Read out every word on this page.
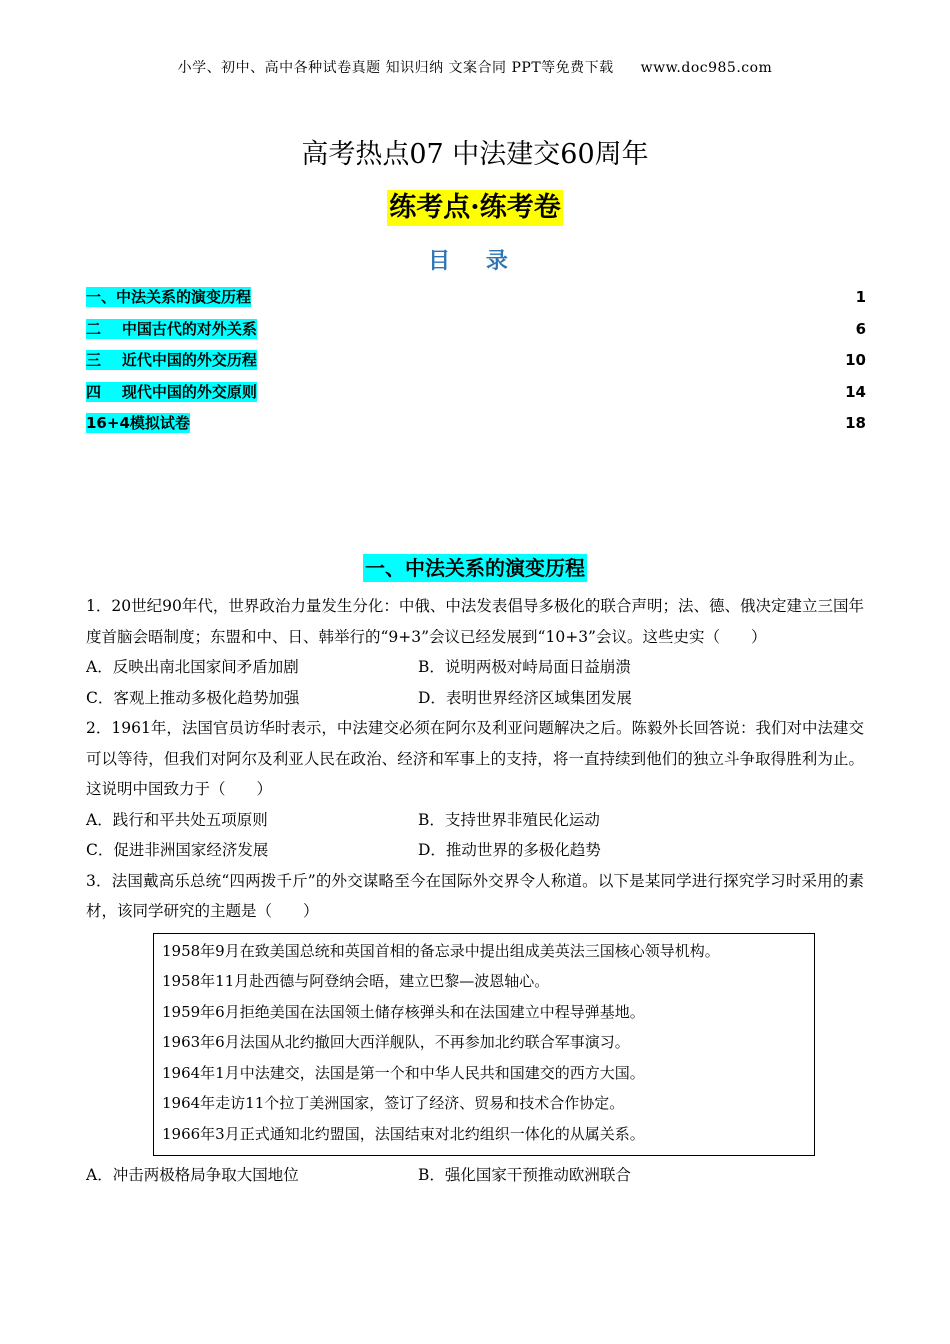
小学、初中、高中各种试卷真题 知识归纳 文案合同 PPT等免费下载 www.doc985.com
高考热点07 中法建交60周年
练考点·练考卷
目 录
一、中法关系的演变历程	1
二    中国古代的对外关系	6
三    近代中国的外交历程	10
四    现代中国的外交原则	14
16+4模拟试卷	18
一、中法关系的演变历程
1．20世纪90年代，世界政治力量发生分化：中俄、中法发表倡导多极化的联合声明；法、德、俄决定建立三国年度首脑会晤制度；东盟和中、日、韩举行的“9+3”会议已经发展到“10+3”会议。这些史实（　　）
A．反映出南北国家间矛盾加剧	B．说明两极对峙局面日益崩溃
C．客观上推动多极化趋势加强	D．表明世界经济区域集团发展
2．1961年，法国官员访华时表示，中法建交必须在阿尔及利亚问题解决之后。陈毅外长回答说：我们对中法建交可以等待，但我们对阿尔及利亚人民在政治、经济和军事上的支持，将一直持续到他们的独立斗争取得胜利为止。这说明中国致力于（　　）
A．践行和平共处五项原则	B．支持世界非殖民化运动
C．促进非洲国家经济发展	D．推动世界的多极化趋势
3．法国戴高乐总统“四两拨千斤”的外交谋略至今在国际外交界令人称道。以下是某同学进行探究学习时采用的素材，该同学研究的主题是（　　）
1958年9月在致美国总统和英国首相的备忘录中提出组成美英法三国核心领导机构。
1958年11月赴西德与阿登纳会晤，建立巴黎—波恩轴心。
1959年6月拒绝美国在法国领土储存核弹头和在法国建立中程导弹基地。
1963年6月法国从北约撤回大西洋舰队，不再参加北约联合军事演习。
1964年1月中法建交，法国是第一个和中华人民共和国建交的西方大国。
1964年走访11个拉丁美洲国家，签订了经济、贸易和技术合作协定。
1966年3月正式通知北约盟国，法国结束对北约组织一体化的从属关系。
A．冲击两极格局争取大国地位	B．强化国家干预推动欧洲联合
